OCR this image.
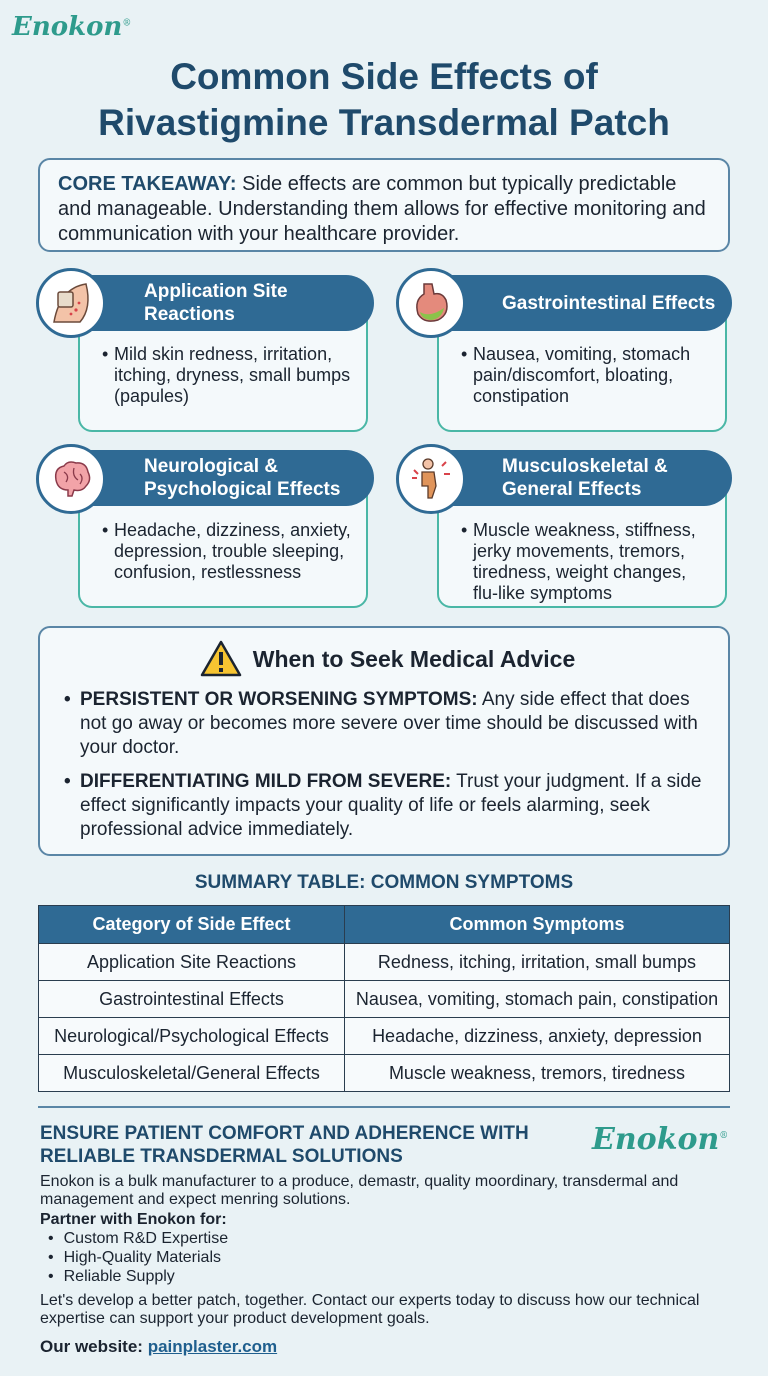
Enokon®
Common Side Effects of
Rivastigmine Transdermal Patch
CORE TAKEAWAY: Side effects are common but typically predictable and manageable. Understanding them allows for effective monitoring and communication with your healthcare provider.
• Mild skin redness, irritation, itching, dryness, small bumps (papules)
Application Site Reactions
• Nausea, vomiting, stomach pain/discomfort, bloating, constipation
Gastrointestinal Effects
• Headache, dizziness, anxiety, depression, trouble sleeping, confusion, restlessness
Neurological & Psychological Effects
• Muscle weakness, stiffness, jerky movements, tremors, tiredness, weight changes, flu-like symptoms
Musculoskeletal & General Effects
When to Seek Medical Advice
• PERSISTENT OR WORSENING SYMPTOMS: Any side effect that does not go away or becomes more severe over time should be discussed with your doctor.
• DIFFERENTIATING MILD FROM SEVERE: Trust your judgment. If a side effect significantly impacts your quality of life or feels alarming, seek professional advice immediately.
SUMMARY TABLE: COMMON SYMPTOMS
Category of Side Effect	Common Symptoms
Application Site Reactions	Redness, itching, irritation, small bumps
Gastrointestinal Effects	Nausea, vomiting, stomach pain, constipation
Neurological/Psychological Effects	Headache, dizziness, anxiety, depression
Musculoskeletal/General Effects	Muscle weakness, tremors, tiredness
ENSURE PATIENT COMFORT AND ADHERENCE WITH RELIABLE TRANSDERMAL SOLUTIONS	Enokon®
Enokon is a bulk manufacturer to a produce, demastr, quality moordinary, transdermal and management and expect menring solutions.
Partner with Enokon for:
• Custom R&D Expertise
• High-Quality Materials
• Reliable Supply
Let's develop a better patch, together. Contact our experts today to discuss how our technical expertise can support your product development goals.
Our website: painplaster.com
